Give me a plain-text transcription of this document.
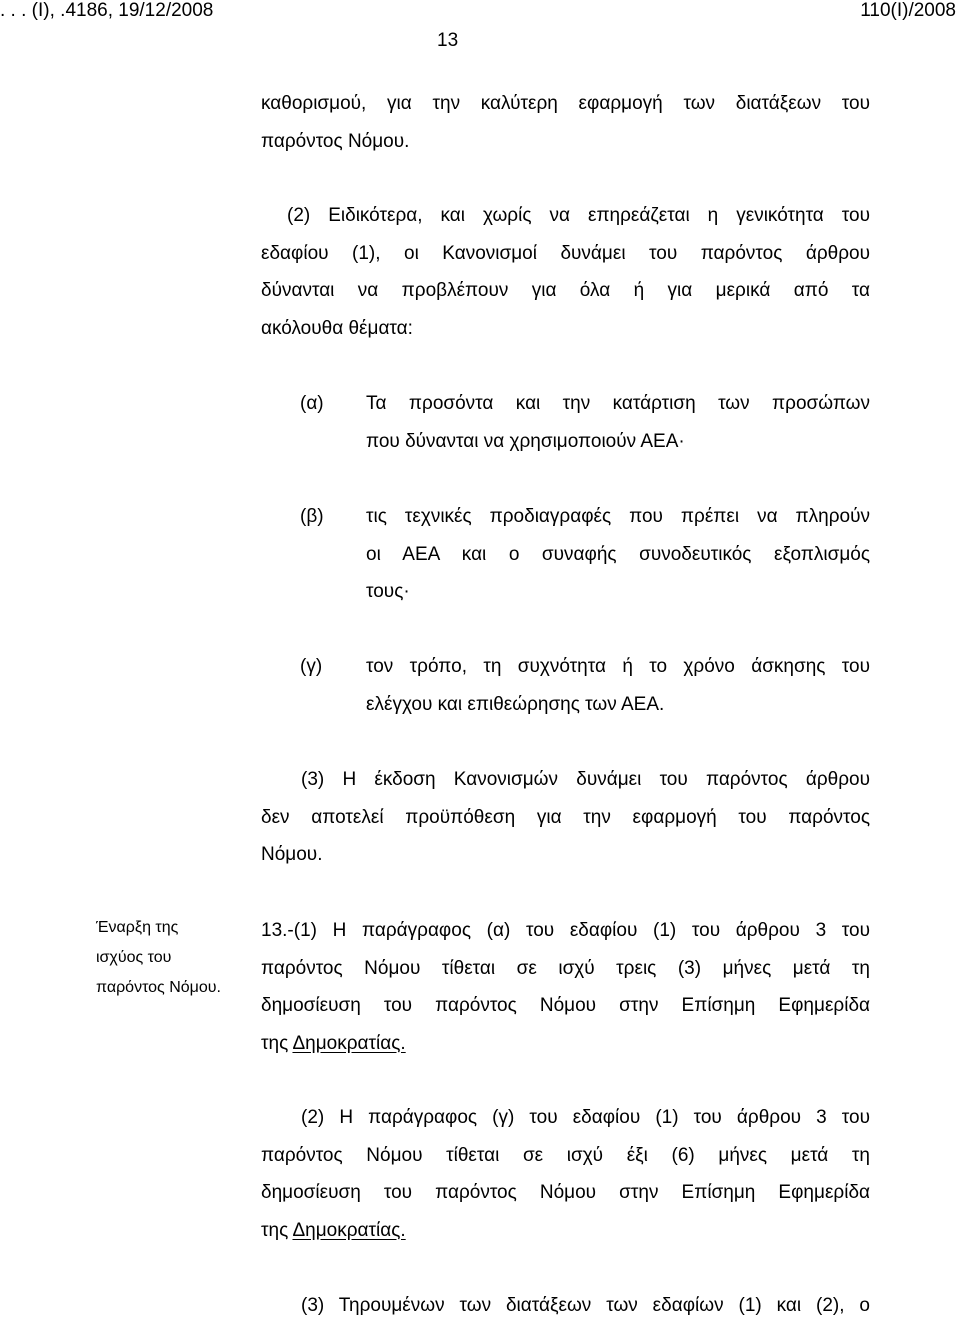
. . . (Ι), .4186, 19/12/2008	110(Ι)/2008
13
καθορισμού, για την καλύτερη εφαρμογή των διατάξεων του
παρόντος Νόμου.
(2) Ειδικότερα, και χωρίς να επηρεάζεται η γενικότητα του
εδαφίου (1), οι Κανονισμοί δυνάμει του παρόντος άρθρου
δύνανται να προβλέπουν για όλα ή για μερικά από τα
ακόλουθα θέματα:
(α) Τα προσόντα και την κατάρτιση των προσώπων
που δύνανται να χρησιμοποιούν ΑΕΑ·
(β) τις τεχνικές προδιαγραφές που πρέπει να πληρούν
οι ΑΕΑ και ο συναφής συνοδευτικός εξοπλισμός
τους·
(γ) τον τρόπο, τη συχνότητα ή το χρόνο άσκησης του
ελέγχου και επιθεώρησης των ΑΕΑ.
(3) Η έκδοση Κανονισμών δυνάμει του παρόντος άρθρου
δεν αποτελεί προϋπόθεση για την εφαρμογή του παρόντος
Νόμου.
Έναρξη της
ισχύος του
παρόντος Νόμου.
13.-(1) Η παράγραφος (α) του εδαφίου (1) του άρθρου 3 του
παρόντος Νόμου τίθεται σε ισχύ τρεις (3) μήνες μετά τη
δημοσίευση του παρόντος Νόμου στην Επίσημη Εφημερίδα
της Δημοκρατίας.
(2) Η παράγραφος (γ) του εδαφίου (1) του άρθρου 3 του
παρόντος Νόμου τίθεται σε ισχύ έξι (6) μήνες μετά τη
δημοσίευση του παρόντος Νόμου στην Επίσημη Εφημερίδα
της Δημοκρατίας.
(3) Τηρουμένων των διατάξεων των εδαφίων (1) και (2), ο
